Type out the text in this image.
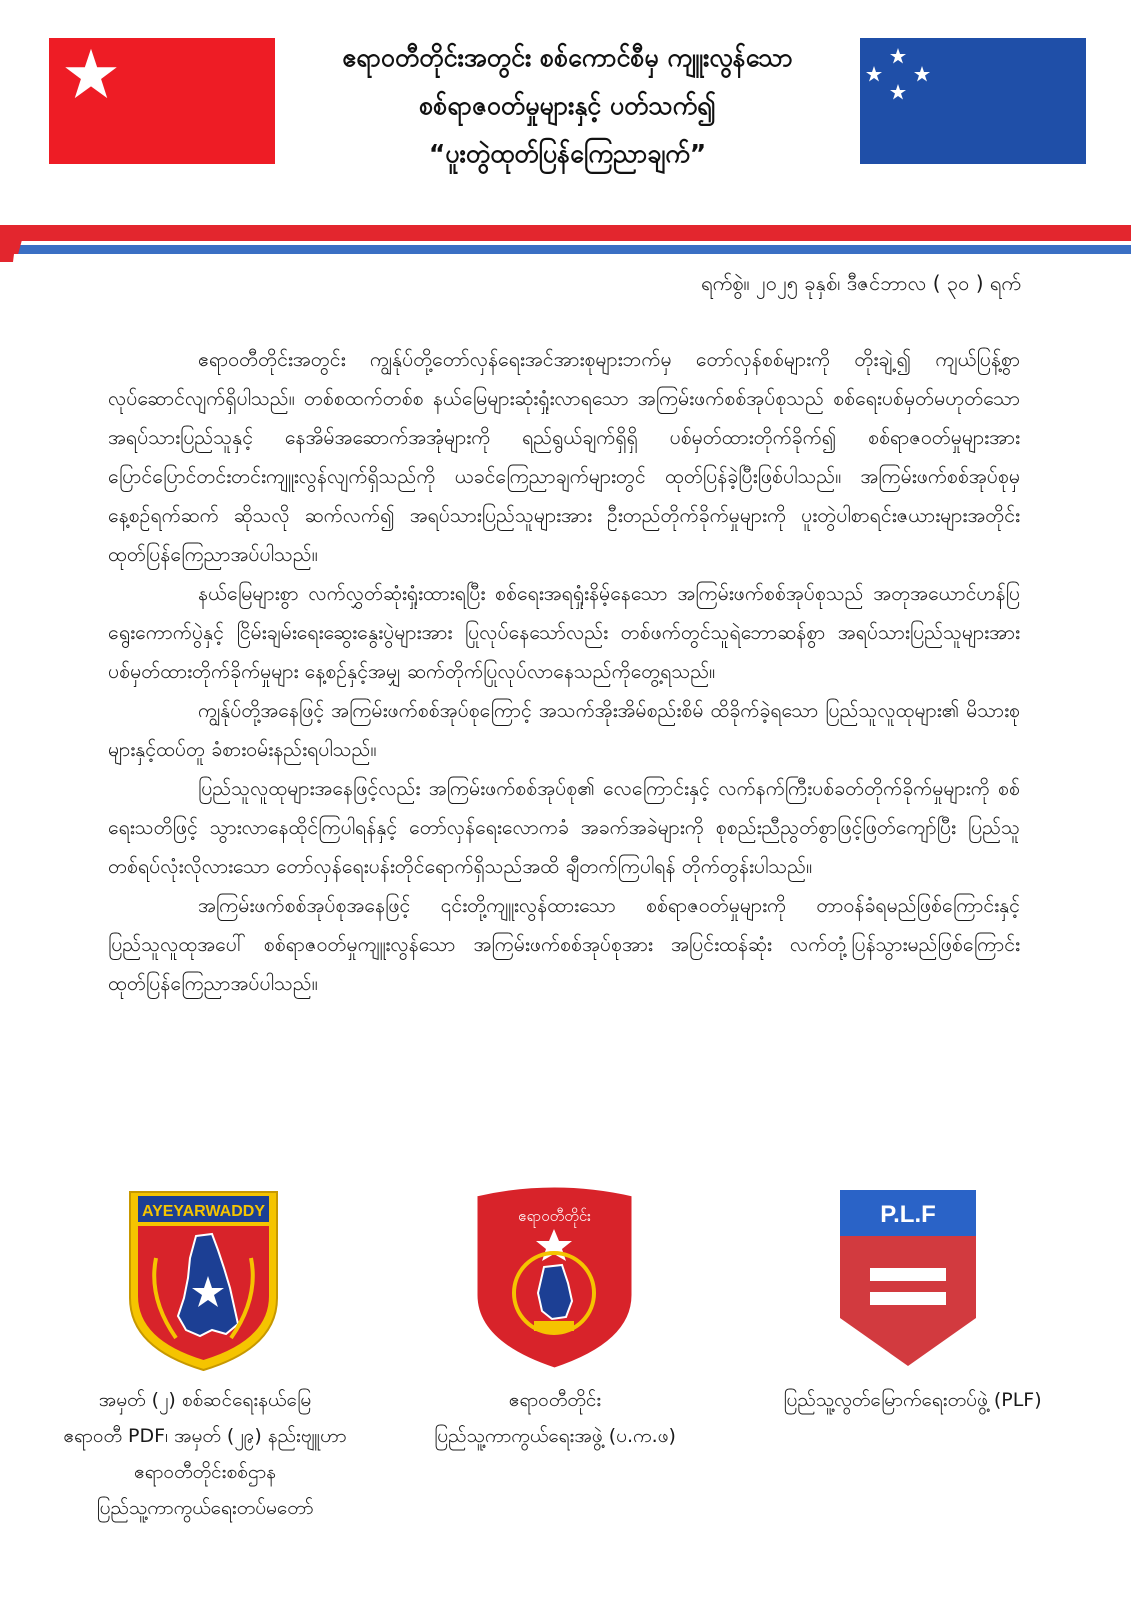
ဧရာဝတီတိုင်းအတွင်း စစ်ကောင်စီမှ ကျူးလွန်သော
စစ်ရာဇဝတ်မှုများနှင့် ပတ်သက်၍
“ပူးတွဲထုတ်ပြန်ကြေညာချက်”
ရက်စွဲ။ ၂၀၂၅ ခုနှစ်၊ ဒီဇင်ဘာလ ( ၃၀ ) ရက်

ဧရာဝတီတိုင်းအတွင်း ကျွန်ုပ်တို့တော်လှန်ရေးအင်အားစုများဘက်မှ တော်လှန်စစ်များကို တိုးချဲ့၍ ကျယ်ပြန့်စွာ လုပ်ဆောင်လျက်ရှိပါသည်။ တစ်စထက်တစ်စ နယ်မြေများဆုံးရှုံးလာရသော အကြမ်းဖက်စစ်အုပ်စုသည် စစ်ရေးပစ်မှတ်မဟုတ်သော အရပ်သားပြည်သူနှင့် နေအိမ်အဆောက်အအုံများကို ရည်ရွယ်ချက်ရှိရှိ ပစ်မှတ်ထားတိုက်ခိုက်၍ စစ်ရာဇဝတ်မှုများအား ပြောင်ပြောင်တင်းတင်းကျူးလွန်လျက်ရှိသည်ကို ယခင်ကြေညာချက်များတွင် ထုတ်ပြန်ခဲ့ပြီးဖြစ်ပါသည်။ အကြမ်းဖက်စစ်အုပ်စုမှ နေ့စဉ်ရက်ဆက် ဆိုသလို ဆက်လက်၍ အရပ်သားပြည်သူများအား ဦးတည်တိုက်ခိုက်မှုများကို ပူးတွဲပါစာရင်းဇယားများအတိုင်း ထုတ်ပြန်ကြေညာအပ်ပါသည်။

နယ်မြေများစွာ လက်လွှတ်ဆုံးရှုံးထားရပြီး စစ်ရေးအရရှုံးနိမ့်နေသော အကြမ်းဖက်စစ်အုပ်စုသည် အတုအယောင်ဟန်ပြရွေးကောက်ပွဲနှင့် ငြိမ်းချမ်းရေးဆွေးနွေးပွဲများအား ပြုလုပ်နေသော်လည်း တစ်ဖက်တွင်သူရဲဘောဆန်စွာ အရပ်သားပြည်သူများအား ပစ်မှတ်ထားတိုက်ခိုက်မှုများ နေ့စဉ်နှင့်အမျှ ဆက်တိုက်ပြုလုပ်လာနေသည်ကိုတွေ့ရသည်။

ကျွန်ုပ်တို့အနေဖြင့် အကြမ်းဖက်စစ်အုပ်စုကြောင့် အသက်အိုးအိမ်စည်းစိမ် ထိခိုက်ခဲ့ရသော ပြည်သူလူထုများ၏ မိသားစုများနှင့်ထပ်တူ ခံစားဝမ်းနည်းရပါသည်။

ပြည်သူလူထုများအနေဖြင့်လည်း အကြမ်းဖက်စစ်အုပ်စု၏ လေကြောင်းနှင့် လက်နက်ကြီးပစ်ခတ်တိုက်ခိုက်မှုများကို စစ်ရေးသတိဖြင့် သွားလာနေထိုင်ကြပါရန်နှင့် တော်လှန်ရေးလောကခံ အခက်အခဲများကို စုစည်းညီညွတ်စွာဖြင့်ဖြတ်ကျော်ပြီး ပြည်သူတစ်ရပ်လုံးလိုလားသော တော်လှန်ရေးပန်းတိုင်ရောက်ရှိသည်အထိ ချီတက်ကြပါရန် တိုက်တွန်းပါသည်။

အကြမ်းဖက်စစ်အုပ်စုအနေဖြင့် ၎င်းတို့ကျူးလွန်ထားသော စစ်ရာဇဝတ်မှုများကို တာဝန်ခံရမည်ဖြစ်ကြောင်းနှင့် ပြည်သူလူထုအပေါ် စစ်ရာဇဝတ်မှုကျူးလွန်သော အကြမ်းဖက်စစ်အုပ်စုအား အပြင်းထန်ဆုံး လက်တုံ့ပြန်သွားမည်ဖြစ်ကြောင်း ထုတ်ပြန်ကြေညာအပ်ပါသည်။

AYEYARWADDY	ဧရာဝတီတိုင်း	P.L.F
အမှတ် (၂) စစ်ဆင်ရေးနယ်မြေ
ဧရာဝတီ PDF၊ အမှတ် (၂၉) နည်းဗျူဟာ
ဧရာဝတီတိုင်းစစ်ဌာန
ပြည်သူ့ကာကွယ်ရေးတပ်မတော်
ဧရာဝတီတိုင်း
ပြည်သူ့ကာကွယ်ရေးအဖွဲ့ (ပ.က.ဖ)
ပြည်သူ့လွတ်မြောက်ရေးတပ်ဖွဲ့ (PLF)
